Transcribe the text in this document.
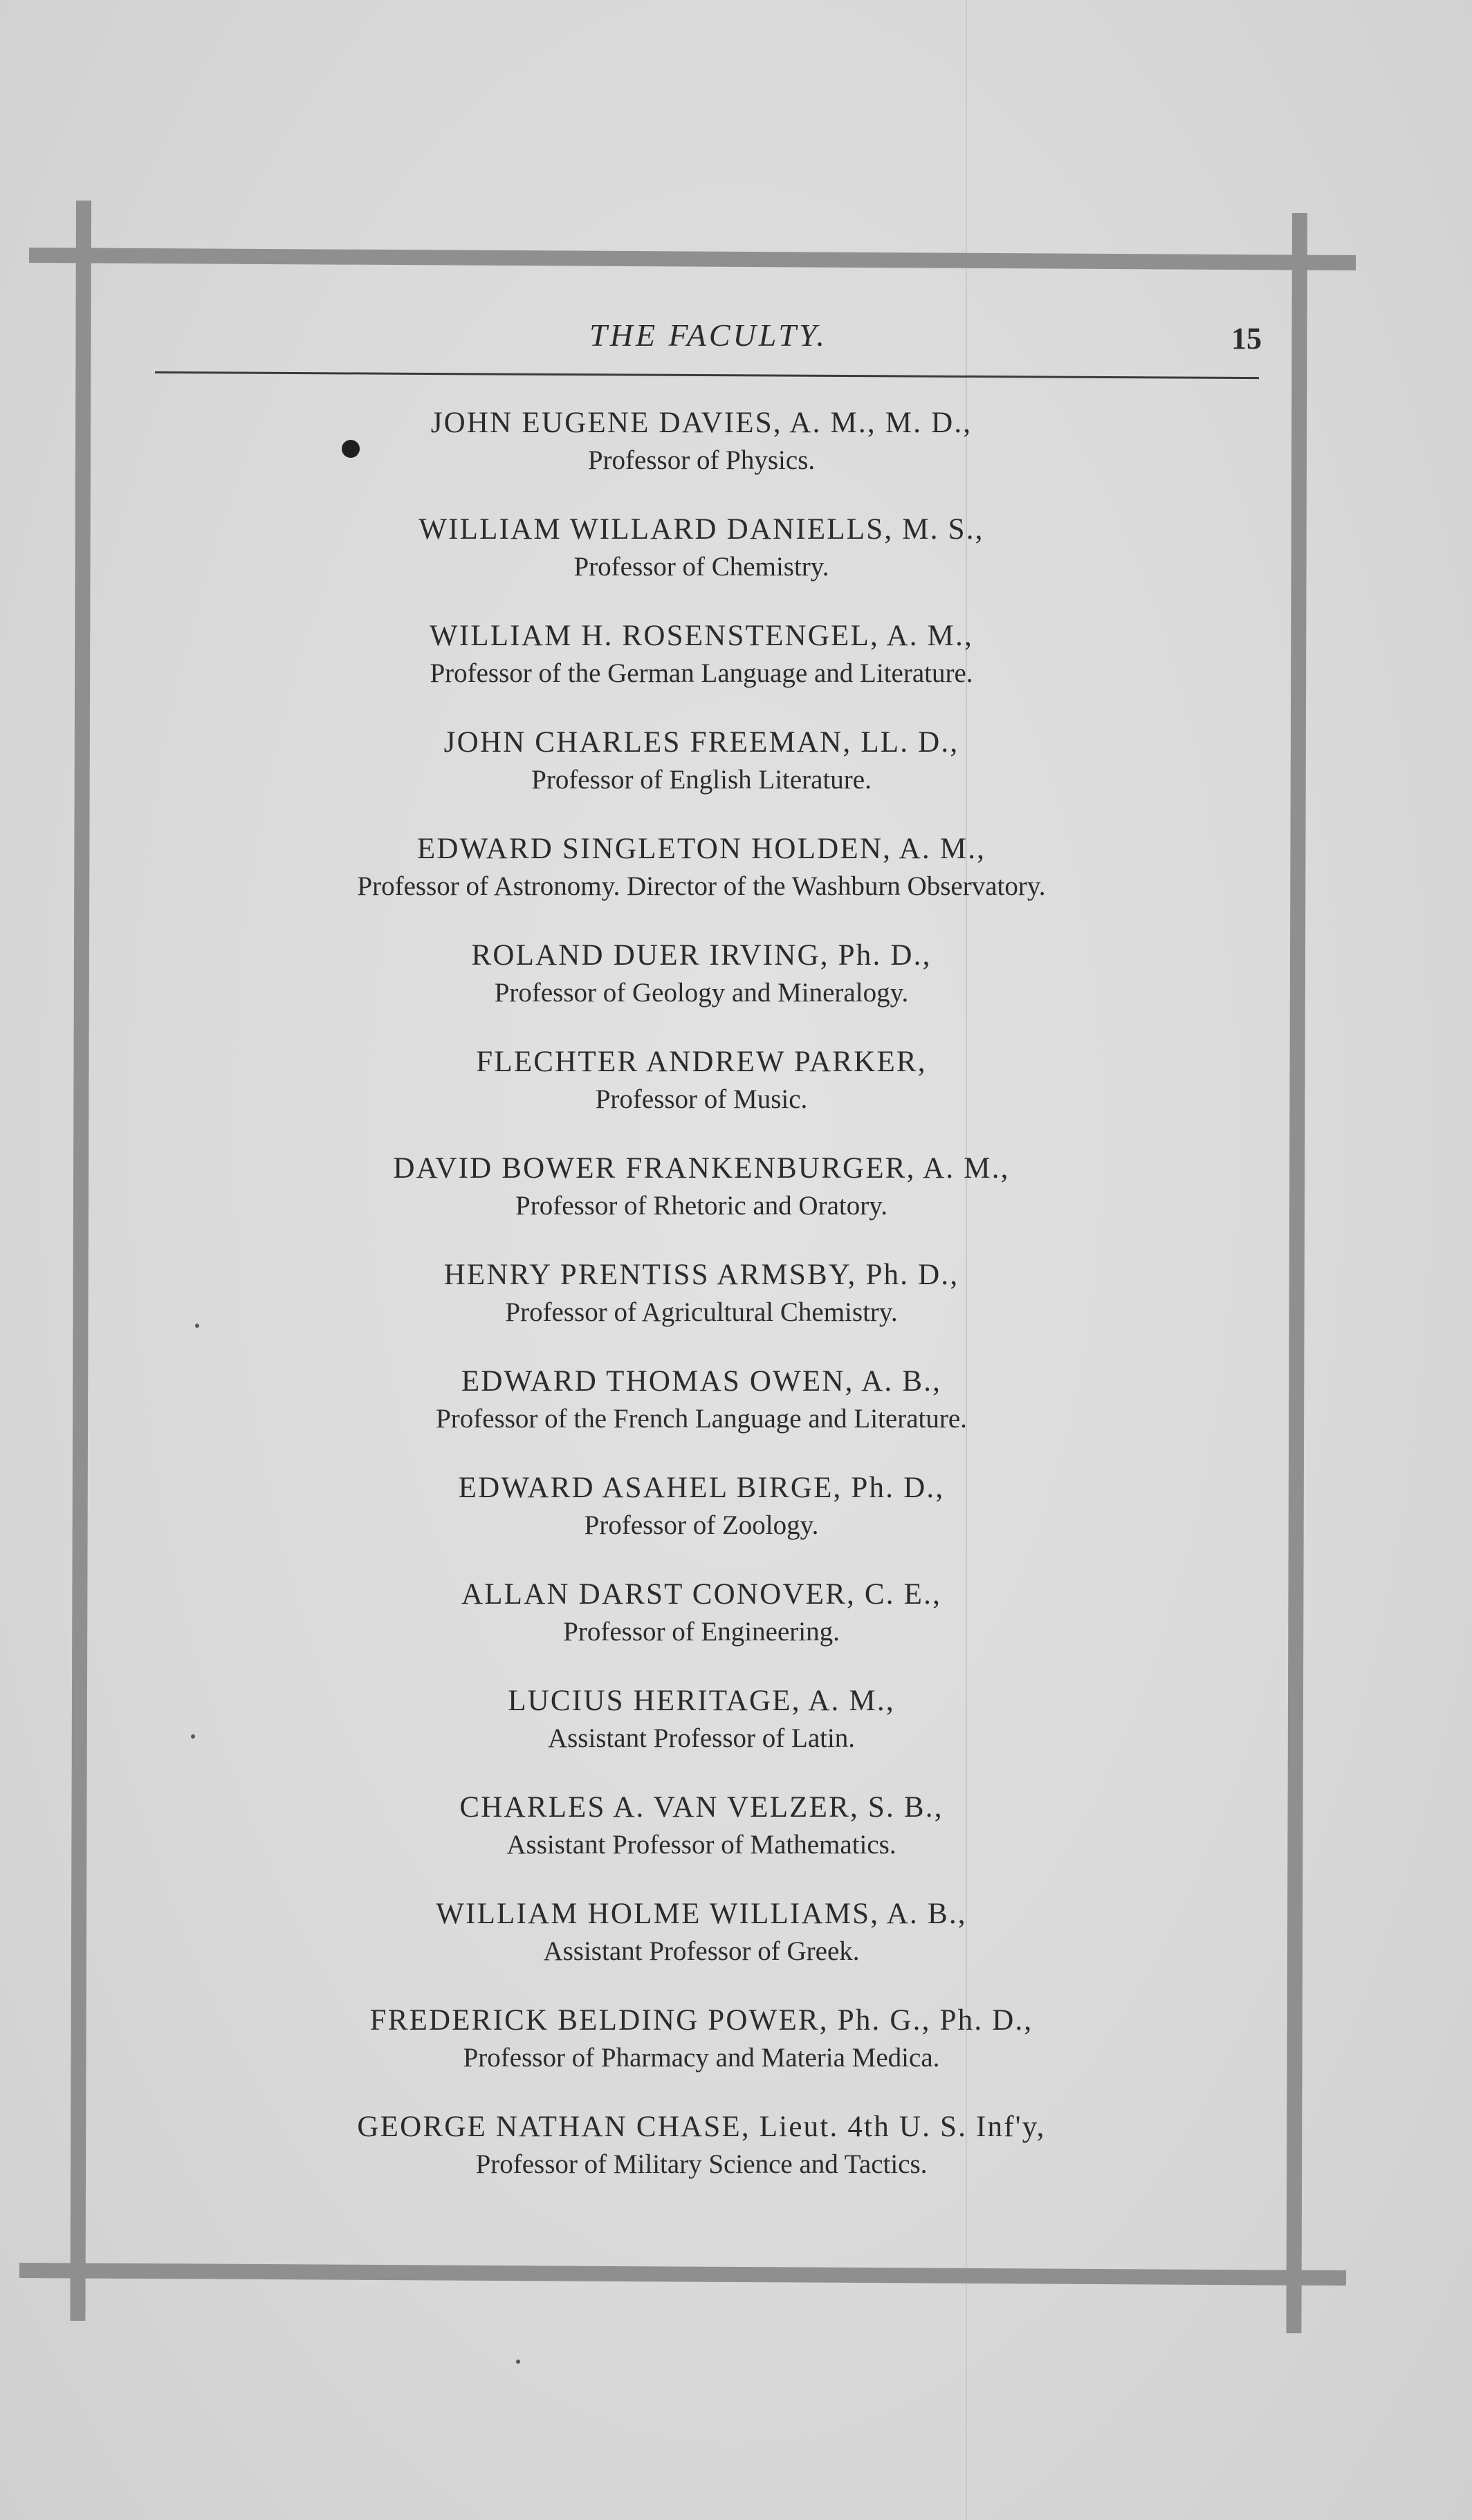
THE FACULTY.	15
JOHN EUGENE DAVIES, A. M., M. D.,
Professor of Physics.
WILLIAM WILLARD DANIELLS, M. S.,
Professor of Chemistry.
WILLIAM H. ROSENSTENGEL, A. M.,
Professor of the German Language and Literature.
JOHN CHARLES FREEMAN, LL. D.,
Professor of English Literature.
EDWARD SINGLETON HOLDEN, A. M.,
Professor of Astronomy. Director of the Washburn Observatory.
ROLAND DUER IRVING, Ph. D.,
Professor of Geology and Mineralogy.
FLECHTER ANDREW PARKER,
Professor of Music.
DAVID BOWER FRANKENBURGER, A. M.,
Professor of Rhetoric and Oratory.
HENRY PRENTISS ARMSBY, Ph. D.,
Professor of Agricultural Chemistry.
EDWARD THOMAS OWEN, A. B.,
Professor of the French Language and Literature.
EDWARD ASAHEL BIRGE, Ph. D.,
Professor of Zoology.
ALLAN DARST CONOVER, C. E.,
Professor of Engineering.
LUCIUS HERITAGE, A. M.,
Assistant Professor of Latin.
CHARLES A. VAN VELZER, S. B.,
Assistant Professor of Mathematics.
WILLIAM HOLME WILLIAMS, A. B.,
Assistant Professor of Greek.
FREDERICK BELDING POWER, Ph. G., Ph. D.,
Professor of Pharmacy and Materia Medica.
GEORGE NATHAN CHASE, Lieut. 4th U. S. Inf'y,
Professor of Military Science and Tactics.
